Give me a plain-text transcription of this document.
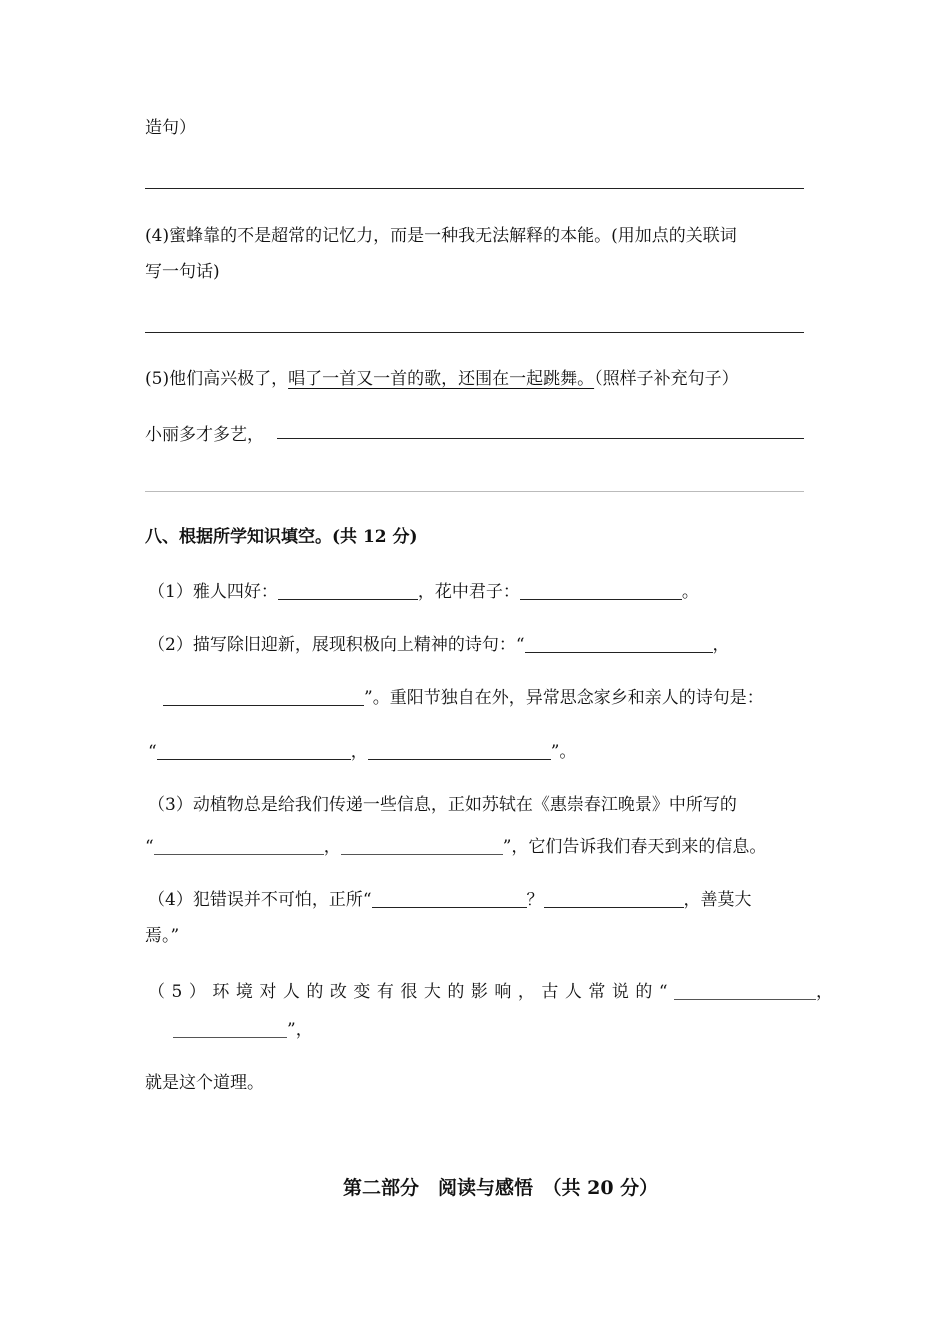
造句）
(4)蜜蜂靠的不是超常的记忆力，而是一种我无法解释的本能。(用加点的关联词
写一句话)
(5)他们高兴极了，唱了一首又一首的歌，还围在一起跳舞。（照样子补充句子）
小丽多才多艺，
八、根据所学知识填空。(共 12 分)
（1）雅人四好：	，花中君子：	。
（2）描写除旧迎新，展现积极向上精神的诗句：“	，
”。重阳节独自在外，异常思念家乡和亲人的诗句是：
“	，	”。
（3）动植物总是给我们传递一些信息，正如苏轼在《惠崇春江晚景》中所写的
“	，	”，它们告诉我们春天到来的信息。
（4）犯错误并不可怕，正所“	？	，善莫大
焉。”
（5）环境对人的改变有很大的影响，古人常说的“	，
”，
就是这个道理。
第二部分　阅读与感悟　（共 20 分）
